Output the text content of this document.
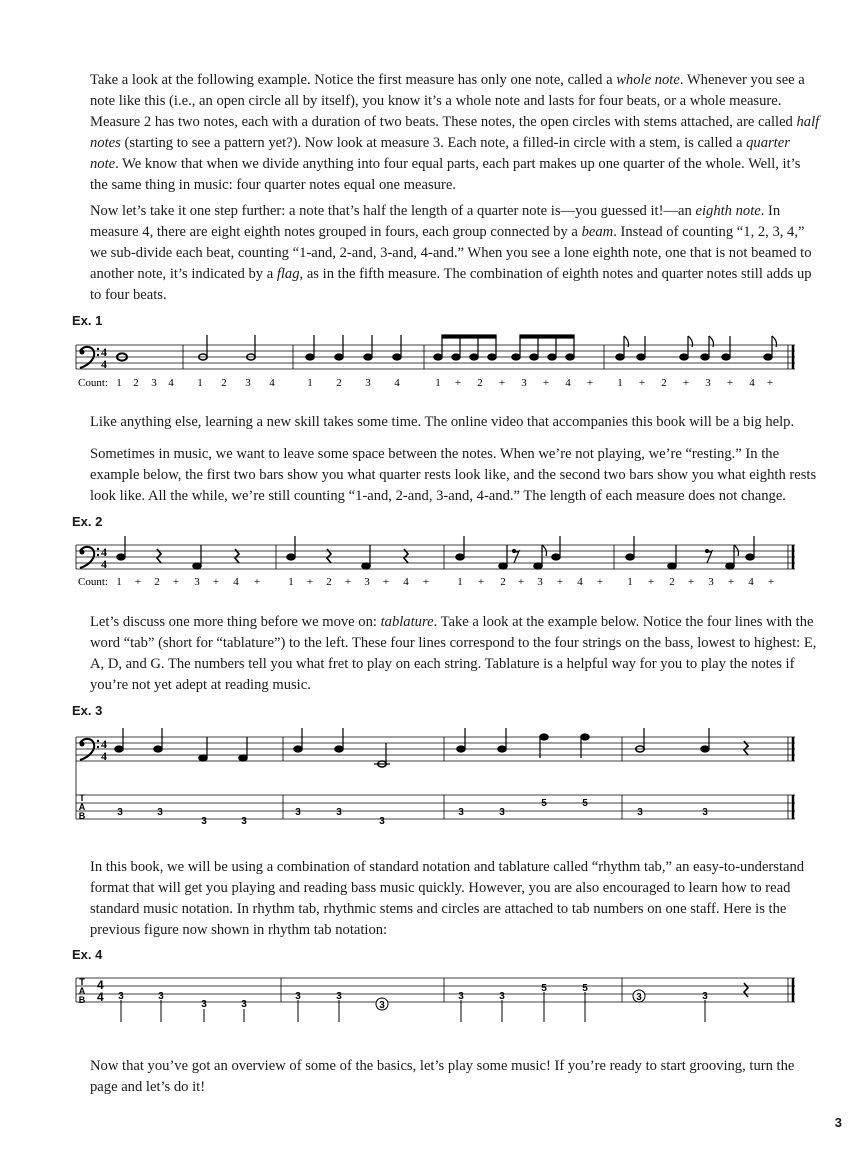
Take a look at the following example. Notice the first measure has only one note, called a whole note. Whenever you see a note like this (i.e., an open circle all by itself), you know it’s a whole note and lasts for four beats, or a whole measure. Measure 2 has two notes, each with a duration of two beats. These notes, the open circles with stems attached, are called half notes (starting to see a pattern yet?). Now look at measure 3. Each note, a filled-in circle with a stem, is called a quarter note. We know that when we divide anything into four equal parts, each part makes up one quarter of the whole. Well, it’s the same thing in music: four quarter notes equal one measure.

Now let’s take it one step further: a note that’s half the length of a quarter note is—you guessed it!—an eighth note. In measure 4, there are eight eighth notes grouped in fours, each group connected by a beam. Instead of counting “1, 2, 3, 4,” we sub-divide each beat, counting “1-and, 2-and, 3-and, 4-and.” When you see a lone eighth note, one that is not beamed to another note, it’s indicated by a flag, as in the fifth measure. The combination of eighth notes and quarter notes still adds up to four beats.

Ex. 1
4
4
Count: 1 2 3 4 1 2 3 4	1 2 3 4	1 + 2 + 3 + 4 + 1 + 2 + 3 + 4 +

Like anything else, learning a new skill takes some time. The online video that accompanies this book will be a big help.

Sometimes in music, we want to leave some space between the notes. When we’re not playing, we’re “resting.” In the example below, the first two bars show you what quarter rests look like, and the second two bars show you what eighth rests look like. All the while, we’re still counting “1-and, 2-and, 3-and, 4-and.” The length of each measure does not change.

Ex. 2
4
4
Count: 1 + 2 + 3 + 4 +	1 + 2 + 3 + 4 +	1 + 2 + 3 + 4 + 1 + 2 + 3 + 4 +

Let’s discuss one more thing before we move on: tablature. Take a look at the example below. Notice the four lines with the word “tab” (short for “tablature”) to the left. These four lines correspond to the four strings on the bass, lowest to highest: E, A, D, and G. The numbers tell you what fret to play on each string. Tablature is a helpful way for you to play the notes if you’re not yet adept at reading music.

Ex. 3
4
4
T
A
B	3	3
3	3
3	3
3
3	3
5	5
3	3

In this book, we will be using a combination of standard notation and tablature called “rhythm tab,” an easy-to-understand format that will get you playing and reading bass music quickly. However, you are also encouraged to learn how to read standard music notation. In rhythm tab, rhythmic stems and circles are attached to tab numbers on one staff. Here is the previous figure now shown in rhythm tab notation:

Ex. 4
T
A
B
4
4 3	3
3	3
3	3
3
3	3
5	5
3	3

Now that you’ve got an overview of some of the basics, let’s play some music! If you’re ready to start grooving, turn the page and let’s do it!

3
